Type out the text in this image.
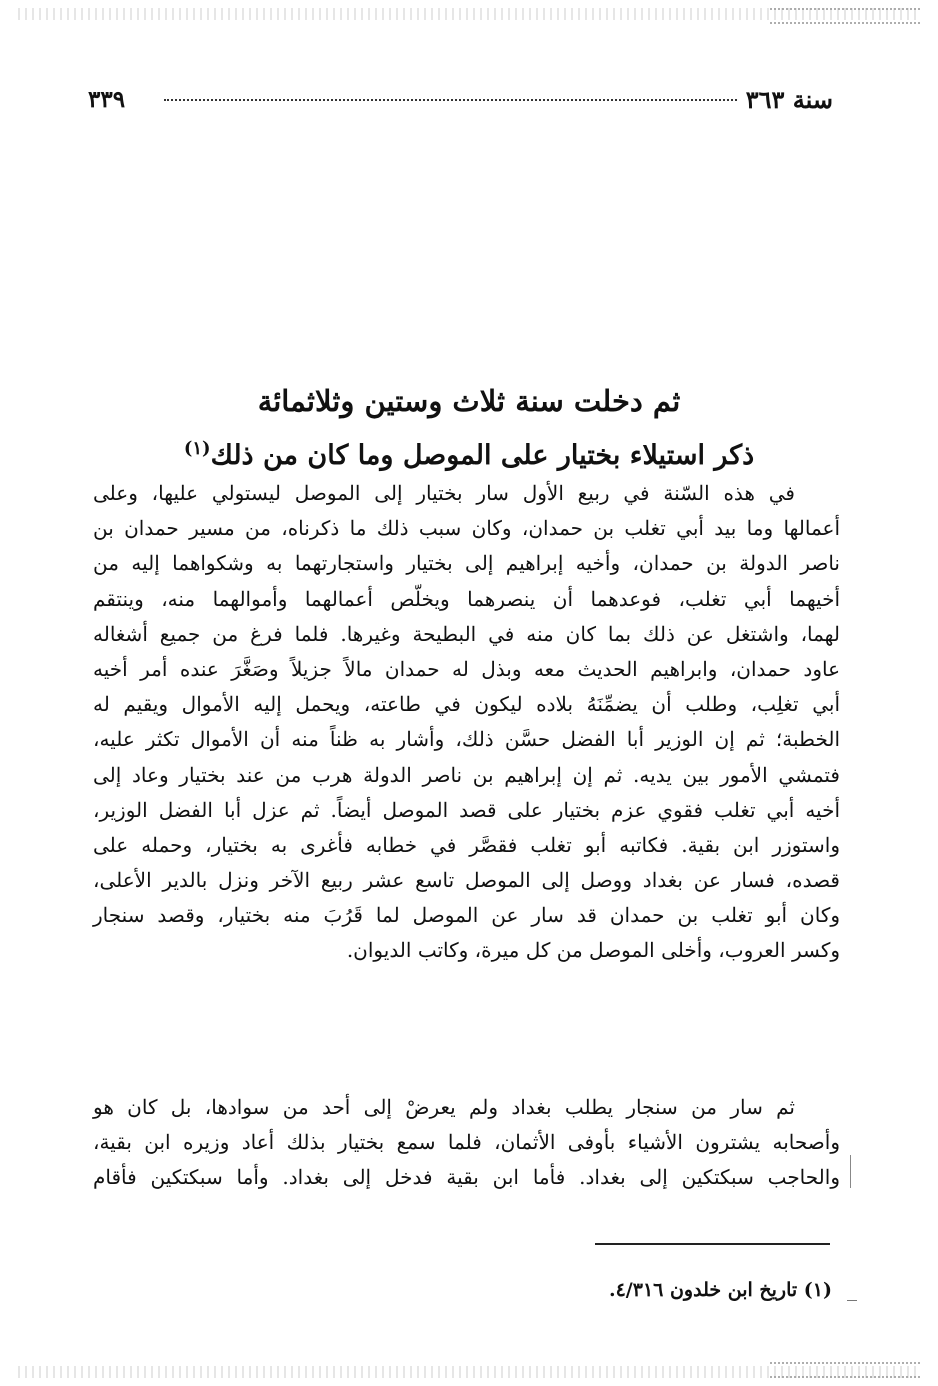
سنة ٣٦٣
٣٣٩
ثم دخلت سنة ثلاث وستين وثلاثمائة
ذكر استيلاء بختيار على الموصل وما كان من ذلك$^{(١)}$
في هذه السّنة في ربيع الأول سار بختيار إلى الموصل ليستولي عليها، وعلى
أعمالها وما بيد أبي تغلب بن حمدان، وكان سبب ذلك ما ذكرناه، من مسير حمدان بن
ناصر الدولة بن حمدان، وأخيه إبراهيم إلى بختيار واستجارتهما به وشكواهما إليه من
أخيهما أبي تغلب، فوعدهما أن ينصرهما ويخلّص أعمالهما وأموالهما منه، وينتقم
لهما، واشتغل عن ذلك بما كان منه في البطيحة وغيرها. فلما فرغ من جميع أشغاله
عاود حمدان، وابراهيم الحديث معه وبذل له حمدان مالاً جزيلاً وصَغَّرَ عنده أمر أخيه
أبي تغلِب، وطلب أن يضمِّنَهُ بلاده ليكون في طاعته، ويحمل إليه الأموال ويقيم له
الخطبة؛ ثم إن الوزير أبا الفضل حسَّن ذلك، وأشار به ظناً منه أن الأموال تكثر عليه،
فتمشي الأمور بين يديه. ثم إن إبراهيم بن ناصر الدولة هرب من عند بختيار وعاد إلى
أخيه أبي تغلب فقوي عزم بختيار على قصد الموصل أيضاً. ثم عزل أبا الفضل الوزير،
واستوزر ابن بقية. فكاتبه أبو تغلب فقصَّر في خطابه فأغرى به بختيار، وحمله على
قصده، فسار عن بغداد ووصل إلى الموصل تاسع عشر ربيع الآخر ونزل بالدير الأعلى،
وكان أبو تغلب بن حمدان قد سار عن الموصل لما قَرُبَ منه بختيار، وقصد سنجار
وكسر العروب، وأخلى الموصل من كل ميرة، وكاتب الديوان.
ثم سار من سنجار يطلب بغداد ولم يعرضْ إلى أحد من سوادها، بل كان هو
وأصحابه يشترون الأشياء بأوفى الأثمان، فلما سمع بختيار بذلك أعاد وزيره ابن بقية،
والحاجب سبكتكين إلى بغداد. فأما ابن بقية فدخل إلى بغداد. وأما سبكتكين فأقام
(١) تاريخ ابن خلدون ٤/٣١٦.
